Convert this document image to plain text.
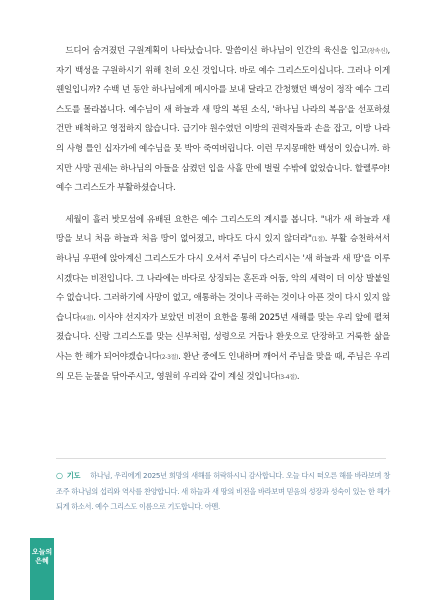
드디어 숨겨졌던 구원계획이 나타났습니다. 말씀이신 하나님이 인간의 육신을 입고(창속신), 자기 백성을 구원하시기 위해 친히 오신 것입니다. 바로 예수 그리스도이십니다. 그러나 이게 웬일입니까? 수백 년 동안 하나님에게 메시아를 보내 달라고 간청했던 백성이 정작 예수 그리스도를 몰라봅니다. 예수님이 새 하늘과 새 땅의 복된 소식, '하나님 나라의 복음'을 선포하셨건만 배척하고 영접하지 않습니다. 급기야 원수였던 이방의 권력자들과 손을 잡고, 이방 나라의 사형 틀인 십자가에 예수님을 못 박아 죽여버립니다. 이런 무지몽매한 백성이 있습니까. 하지만 사망 권세는 하나님의 아들을 삼켰던 입을 사흘 만에 벌릴 수밖에 없었습니다. 할렐루야! 예수 그리스도가 부활하셨습니다.

세월이 흘러 밧모섬에 유배된 요한은 예수 그리스도의 계시를 봅니다. "내가 새 하늘과 새 땅을 보니 처음 하늘과 처음 땅이 없어졌고, 바다도 다시 있지 않더라"(1절). 부활 승천하셔서 하나님 우편에 앉아계신 그리스도가 다시 오셔서 주님이 다스리시는 '새 하늘과 새 땅'을 이루시겠다는 비전입니다. 그 나라에는 바다로 상징되는 혼돈과 어둠, 악의 세력이 더 이상 발붙일 수 없습니다. 그러하기에 사망이 없고, 애통하는 것이나 곡하는 것이나 아픈 것이 다시 있지 않습니다(4절). 이사야 선지자가 보았던 비전이 요한을 통해 2025년 새해를 맞는 우리 앞에 펼쳐졌습니다. 신랑 그리스도를 맞는 신부처럼, 성령으로 거듭나 환웃으로 단장하고 거룩한 삶을 사는 한 해가 되어야겠습니다(2-3절). 환난 중에도 인내하며 깨어서 주님을 맞을 때, 주님은 우리의 모든 눈물을 닦아주시고, 영원히 우리와 같이 계실 것입니다(3-4절).

○ 기도 하나님, 우리에게 2025년 희망의 새해를 허락하시니 감사합니다. 오늘 다시 떠오른 해를 바라보며 창조주 하나님의 섭리와 역사를 찬양합니다. 새 하늘과 새 땅의 비전을 바라보며 믿음의 성장과 성숙이 있는 한 해가 되게 하소서. 예수 그리스도 이름으로 기도합니다. 아멘.
오늘의
은혜
